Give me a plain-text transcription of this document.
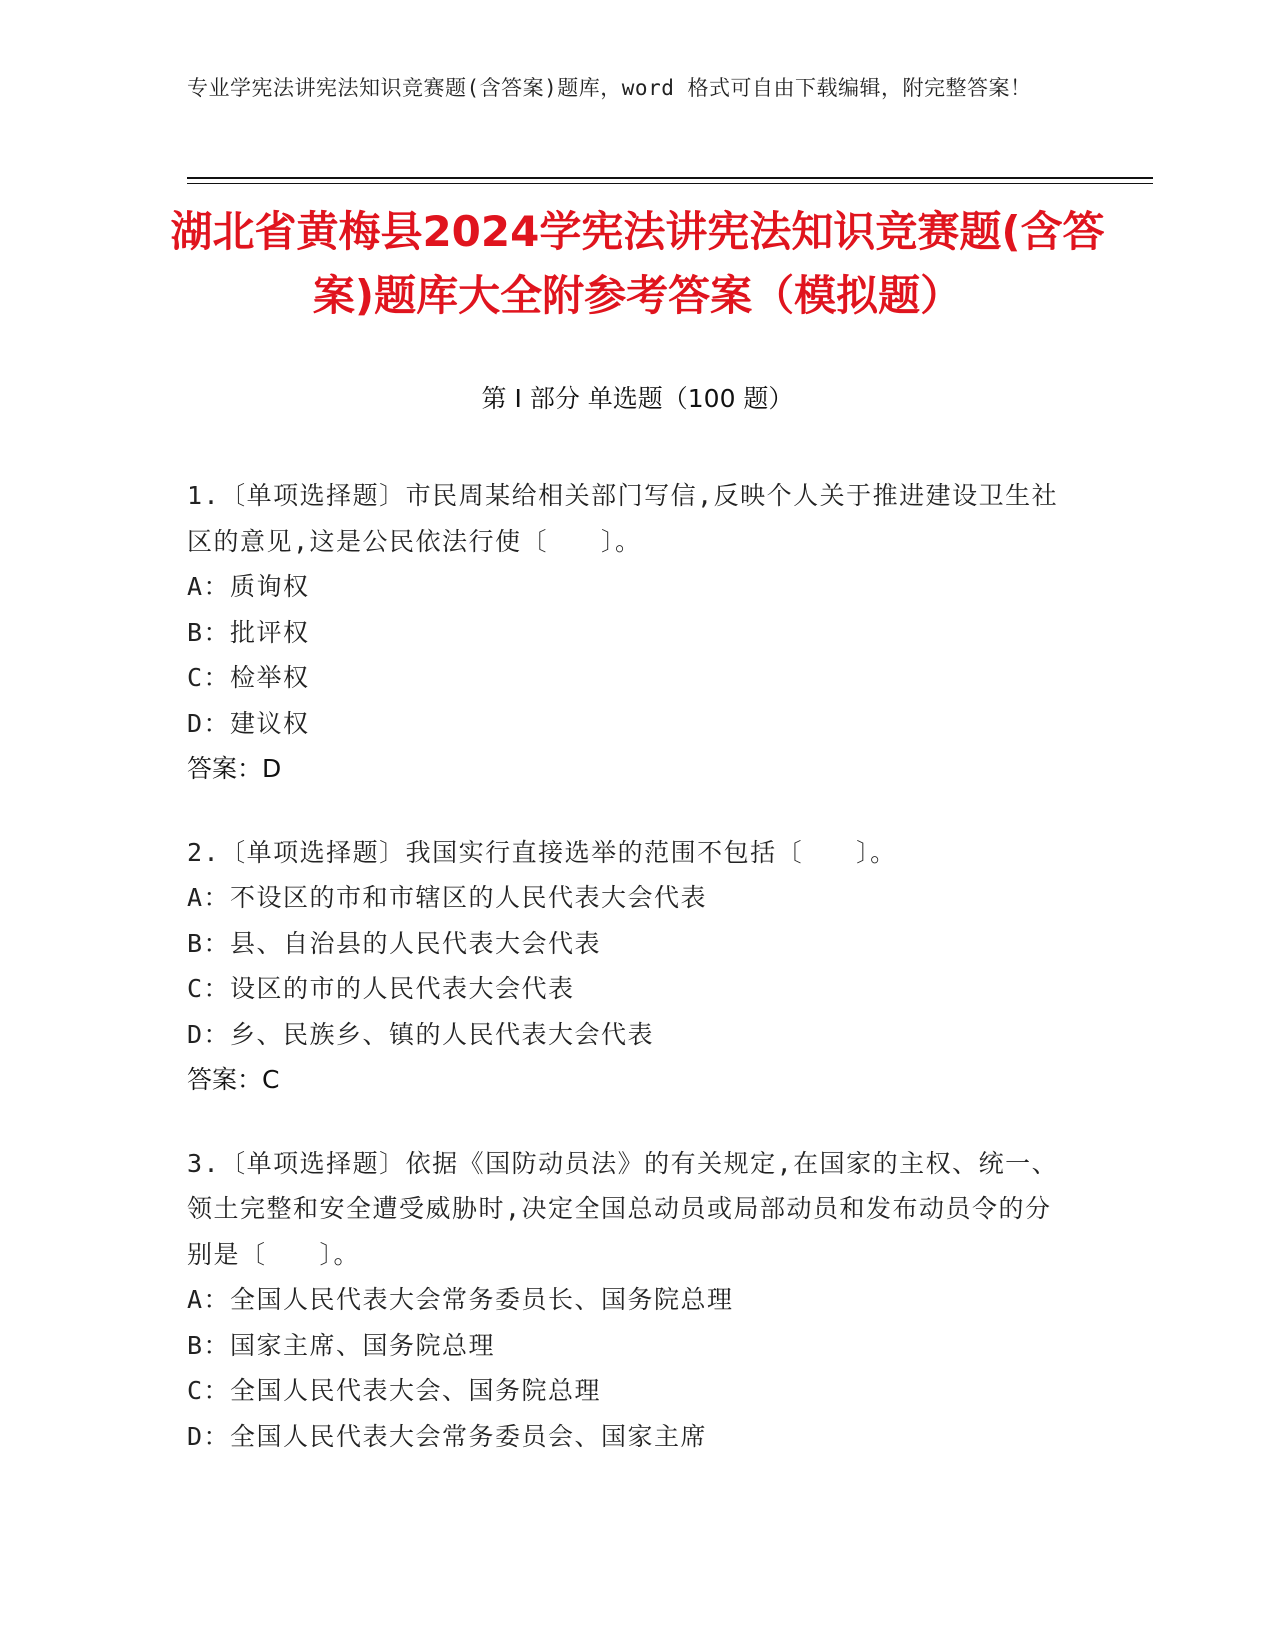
专业学宪法讲宪法知识竞赛题(含答案)题库，word 格式可自由下载编辑，附完整答案！
湖北省黄梅县2024学宪法讲宪法知识竞赛题(含答案)题库大全附参考答案（模拟题）
第 I 部分 单选题（100 题）
1.〔单项选择题〕市民周某给相关部门写信,反映个人关于推进建设卫生社区的意见,这是公民依法行使〔　　〕。
A：质询权
B：批评权
C：检举权
D：建议权
答案：D
2.〔单项选择题〕我国实行直接选举的范围不包括〔　　〕。
A：不设区的市和市辖区的人民代表大会代表
B：县、自治县的人民代表大会代表
C：设区的市的人民代表大会代表
D：乡、民族乡、镇的人民代表大会代表
答案：C
3.〔单项选择题〕依据《国防动员法》的有关规定,在国家的主权、统一、领土完整和安全遭受威胁时,决定全国总动员或局部动员和发布动员令的分别是〔　　〕。
A：全国人民代表大会常务委员长、国务院总理
B：国家主席、国务院总理
C：全国人民代表大会、国务院总理
D：全国人民代表大会常务委员会、国家主席
